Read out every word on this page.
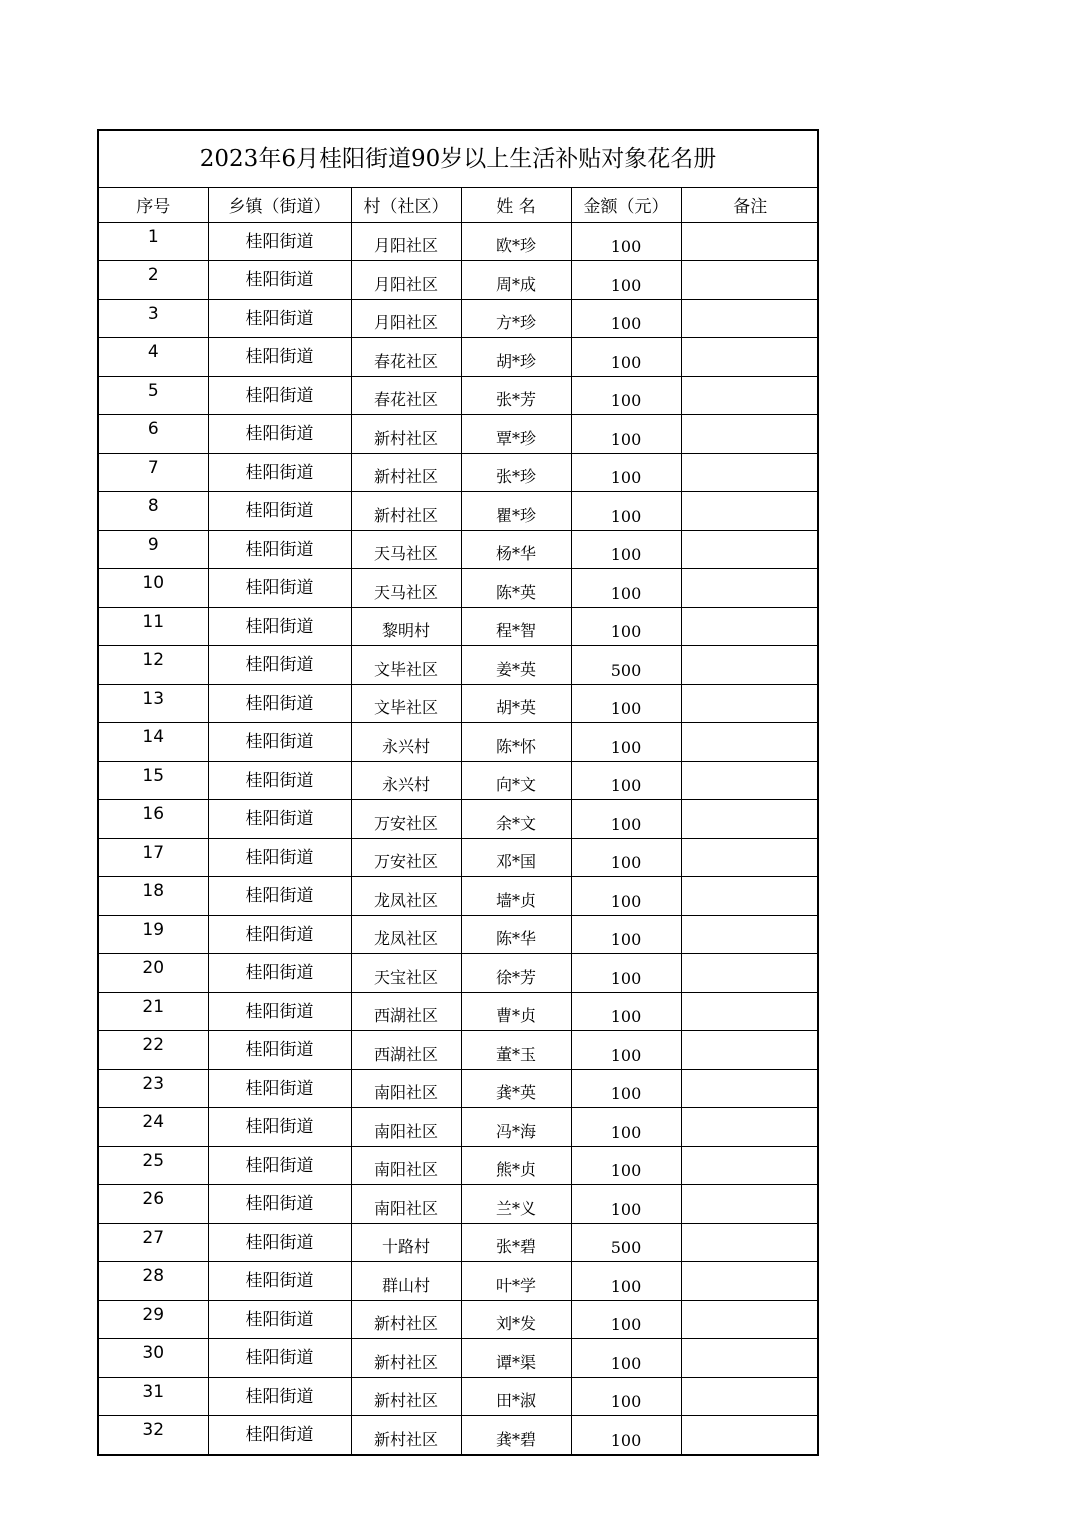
2023年6月桂阳街道90岁以上生活补贴对象花名册
序号	乡镇（街道）	村（社区）	姓 名	金额（元）	备注
1	桂阳街道	月阳社区	欧*珍	100	
2	桂阳街道	月阳社区	周*成	100	
3	桂阳街道	月阳社区	方*珍	100	
4	桂阳街道	春花社区	胡*珍	100	
5	桂阳街道	春花社区	张*芳	100	
6	桂阳街道	新村社区	覃*珍	100	
7	桂阳街道	新村社区	张*珍	100	
8	桂阳街道	新村社区	瞿*珍	100	
9	桂阳街道	天马社区	杨*华	100	
10	桂阳街道	天马社区	陈*英	100	
11	桂阳街道	黎明村	程*智	100	
12	桂阳街道	文毕社区	姜*英	500	
13	桂阳街道	文毕社区	胡*英	100	
14	桂阳街道	永兴村	陈*怀	100	
15	桂阳街道	永兴村	向*文	100	
16	桂阳街道	万安社区	余*文	100	
17	桂阳街道	万安社区	邓*国	100	
18	桂阳街道	龙凤社区	墙*贞	100	
19	桂阳街道	龙凤社区	陈*华	100	
20	桂阳街道	天宝社区	徐*芳	100	
21	桂阳街道	西湖社区	曹*贞	100	
22	桂阳街道	西湖社区	董*玉	100	
23	桂阳街道	南阳社区	龚*英	100	
24	桂阳街道	南阳社区	冯*海	100	
25	桂阳街道	南阳社区	熊*贞	100	
26	桂阳街道	南阳社区	兰*义	100	
27	桂阳街道	十路村	张*碧	500	
28	桂阳街道	群山村	叶*学	100	
29	桂阳街道	新村社区	刘*发	100	
30	桂阳街道	新村社区	谭*渠	100	
31	桂阳街道	新村社区	田*淑	100	
32	桂阳街道	新村社区	龚*碧	100	
